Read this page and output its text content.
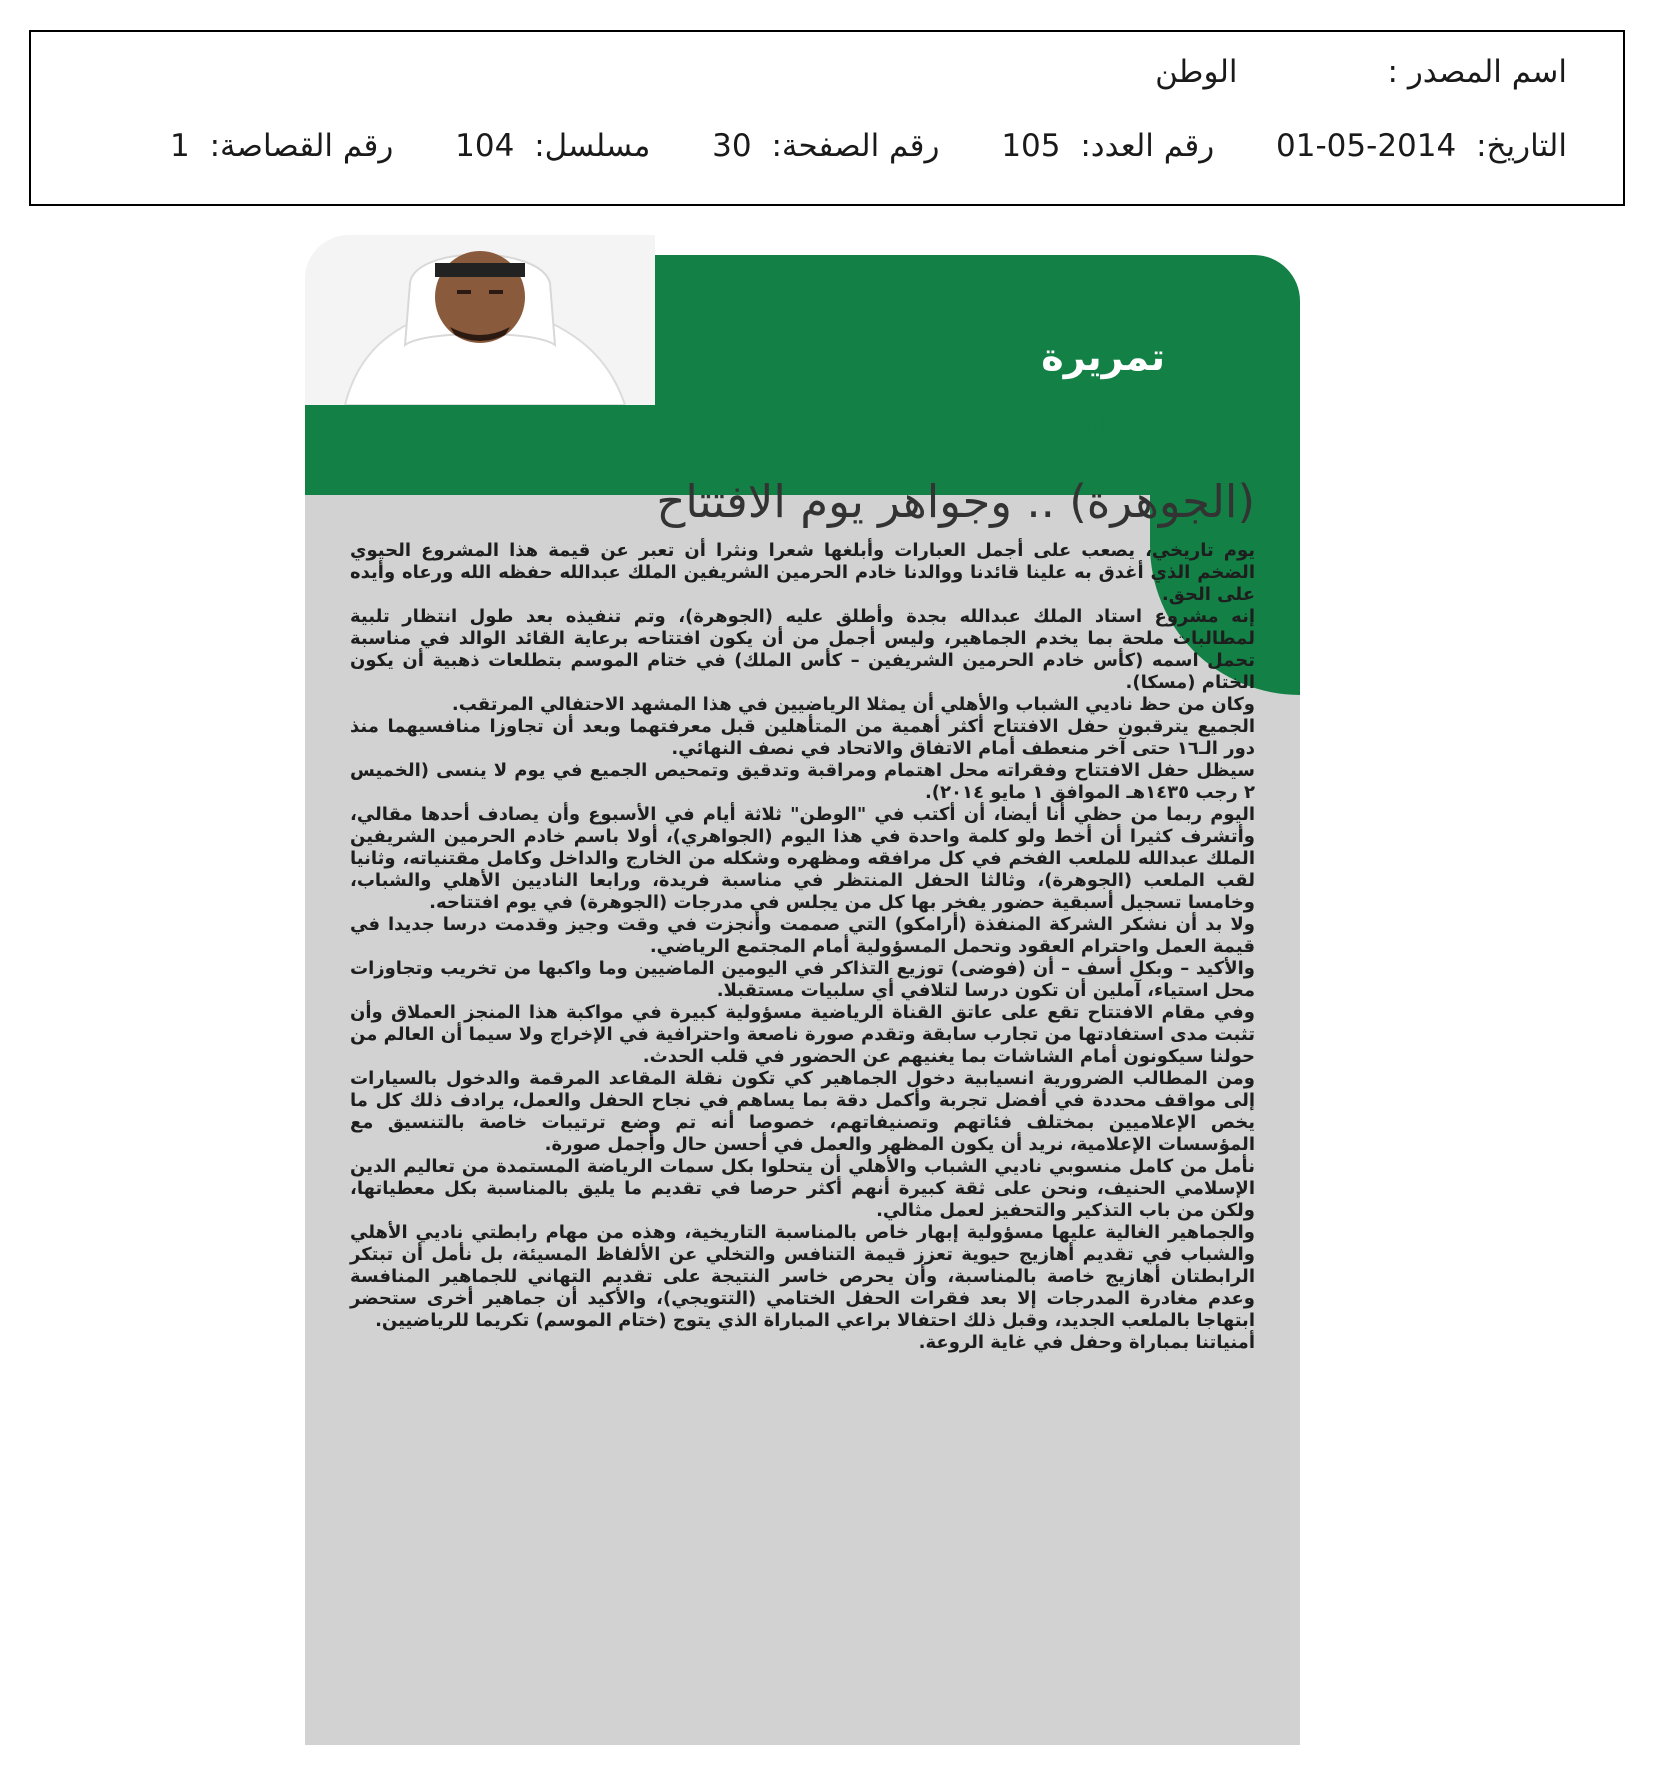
اسم المصدر :الوطن
التاريخ: 2014-05-01 رقم العدد: 105 رقم الصفحة: 30 مسلسل: 104 رقم القصاصة: 1
تمريرة
خلف ملفي
(الجوهرة) .. وجواهر يوم الافتتاح

يوم تاريخي، يصعب على أجمل العبارات وأبلغها شعرا ونثرا أن تعبر عن قيمة هذا المشروع الحيوي الضخم الذي أغدق به علينا قائدنا ووالدنا خادم الحرمين الشريفين الملك عبدالله حفظه الله ورعاه وأيده على الحق.

إنه مشروع استاد الملك عبدالله بجدة وأطلق عليه (الجوهرة)، وتم تنفيذه بعد طول انتظار تلبية لمطالبات ملحة بما يخدم الجماهير، وليس أجمل من أن يكون افتتاحه برعاية القائد الوالد في مناسبة تحمل اسمه (كأس خادم الحرمين الشريفين – كأس الملك) في ختام الموسم بتطلعات ذهبية أن يكون الختام (مسكا).

وكان من حظ ناديي الشباب والأهلي أن يمثلا الرياضيين في هذا المشهد الاحتفالي المرتقب.

الجميع يترقبون حفل الافتتاح أكثر أهمية من المتأهلين قبل معرفتهما وبعد أن تجاوزا منافسيهما منذ دور الـ١٦ حتى آخر منعطف أمام الاتفاق والاتحاد في نصف النهائي.

سيظل حفل الافتتاح وفقراته محل اهتمام ومراقبة وتدقيق وتمحيص الجميع في يوم لا ينسى (الخميس ٢ رجب ١٤٣٥هـ الموافق ١ مايو ٢٠١٤).

اليوم ربما من حظي أنا أيضا، أن أكتب في "الوطن" ثلاثة أيام في الأسبوع وأن يصادف أحدها مقالي، وأتشرف كثيرا أن أخط ولو كلمة واحدة في هذا اليوم (الجواهري)، أولا باسم خادم الحرمين الشريفين الملك عبدالله للملعب الفخم في كل مرافقه ومظهره وشكله من الخارج والداخل وكامل مقتنياته، وثانيا لقب الملعب (الجوهرة)، وثالثا الحفل المنتظر في مناسبة فريدة، ورابعا الناديين الأهلي والشباب، وخامسا تسجيل أسبقية حضور يفخر بها كل من يجلس في مدرجات (الجوهرة) في يوم افتتاحه.

ولا بد أن نشكر الشركة المنفذة (أرامكو) التي صممت وأنجزت في وقت وجيز وقدمت درسا جديدا في قيمة العمل واحترام العقود وتحمل المسؤولية أمام المجتمع الرياضي.

والأكيد – وبكل أسف – أن (فوضى) توزيع التذاكر في اليومين الماضيين وما واكبها من تخريب وتجاوزات محل استياء، آملين أن تكون درسا لتلافي أي سلبيات مستقبلا.

وفي مقام الافتتاح تقع على عاتق القناة الرياضية مسؤولية كبيرة في مواكبة هذا المنجز العملاق وأن تثبت مدى استفادتها من تجارب سابقة وتقدم صورة ناصعة واحترافية في الإخراج ولا سيما أن العالم من حولنا سيكونون أمام الشاشات بما يغنيهم عن الحضور في قلب الحدث.

ومن المطالب الضرورية انسيابية دخول الجماهير كي تكون نقلة المقاعد المرقمة والدخول بالسيارات إلى مواقف محددة في أفضل تجربة وأكمل دقة بما يساهم في نجاح الحفل والعمل، يرادف ذلك كل ما يخص الإعلاميين بمختلف فئاتهم وتصنيفاتهم، خصوصا أنه تم وضع ترتيبات خاصة بالتنسيق مع المؤسسات الإعلامية، نريد أن يكون المظهر والعمل في أحسن حال وأجمل صورة.

نأمل من كامل منسوبي ناديي الشباب والأهلي أن يتحلوا بكل سمات الرياضة المستمدة من تعاليم الدين الإسلامي الحنيف، ونحن على ثقة كبيرة أنهم أكثر حرصا في تقديم ما يليق بالمناسبة بكل معطياتها، ولكن من باب التذكير والتحفيز لعمل مثالي.

والجماهير الغالية عليها مسؤولية إبهار خاص بالمناسبة التاريخية، وهذه من مهام رابطتي ناديي الأهلي والشباب في تقديم أهازيج حيوية تعزز قيمة التنافس والتخلي عن الألفاظ المسيئة، بل نأمل أن تبتكر الرابطتان أهازيج خاصة بالمناسبة، وأن يحرص خاسر النتيجة على تقديم التهاني للجماهير المنافسة وعدم مغادرة المدرجات إلا بعد فقرات الحفل الختامي (التتويجي)، والأكيد أن جماهير أخرى ستحضر ابتهاجا بالملعب الجديد، وقبل ذلك احتفالا براعي المباراة الذي يتوج (ختام الموسم) تكريما للرياضيين.

أمنياتنا بمباراة وحفل في غاية الروعة.
